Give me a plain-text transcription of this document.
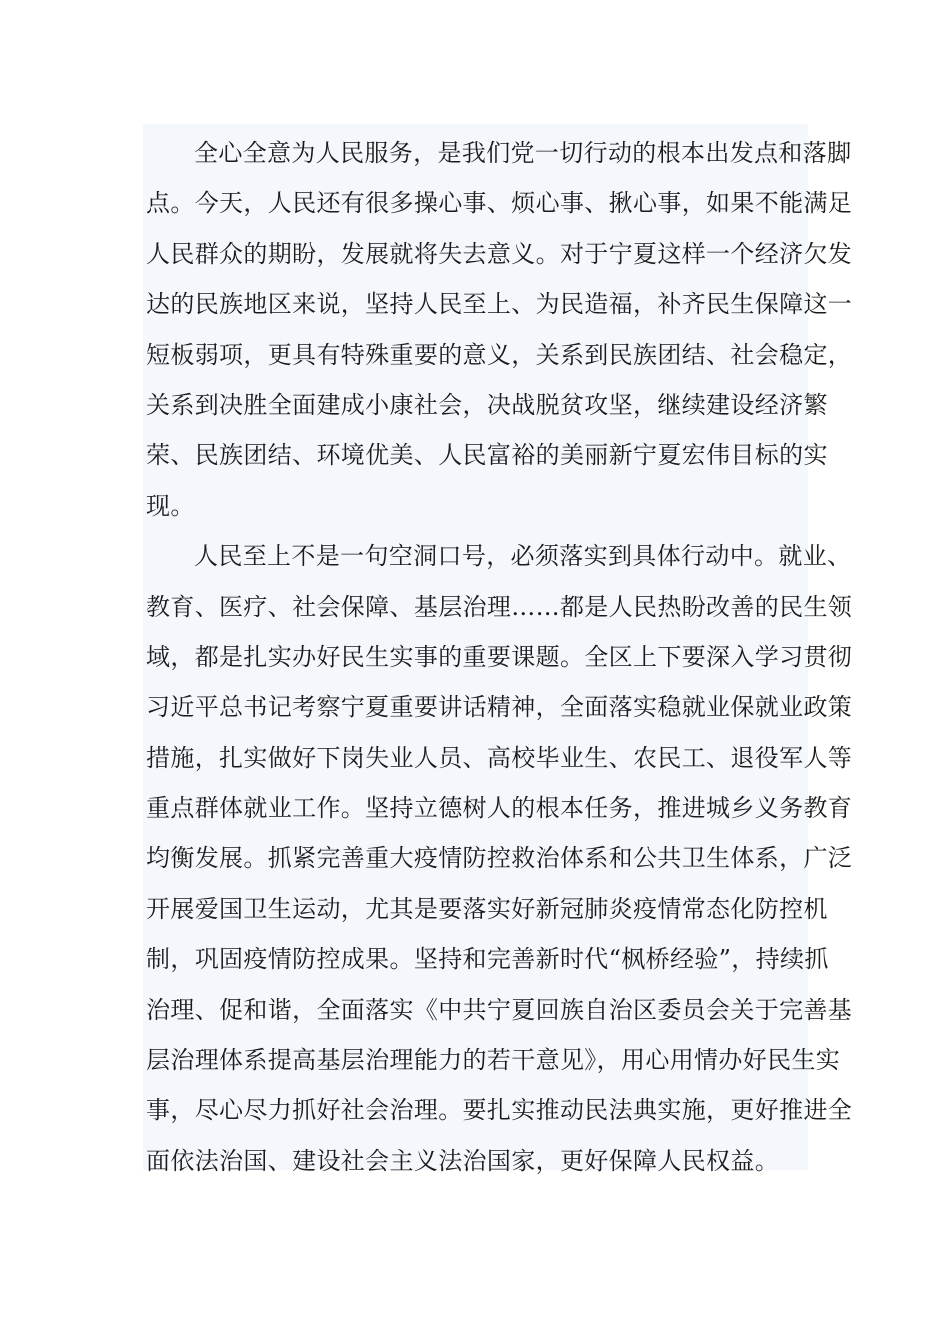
全心全意为人民服务，是我们党一切行动的根本出发点和落脚
点。今天，人民还有很多操心事、烦心事、揪心事，如果不能满足
人民群众的期盼，发展就将失去意义。对于宁夏这样一个经济欠发
达的民族地区来说，坚持人民至上、为民造福，补齐民生保障这一
短板弱项，更具有特殊重要的意义，关系到民族团结、社会稳定，
关系到决胜全面建成小康社会，决战脱贫攻坚，继续建设经济繁
荣、民族团结、环境优美、人民富裕的美丽新宁夏宏伟目标的实
现。
人民至上不是一句空洞口号，必须落实到具体行动中。就业、
教育、医疗、社会保障、基层治理……都是人民热盼改善的民生领
域，都是扎实办好民生实事的重要课题。全区上下要深入学习贯彻
习近平总书记考察宁夏重要讲话精神，全面落实稳就业保就业政策
措施，扎实做好下岗失业人员、高校毕业生、农民工、退役军人等
重点群体就业工作。坚持立德树人的根本任务，推进城乡义务教育
均衡发展。抓紧完善重大疫情防控救治体系和公共卫生体系，广泛
开展爱国卫生运动，尤其是要落实好新冠肺炎疫情常态化防控机
制，巩固疫情防控成果。坚持和完善新时代“枫桥经验”，持续抓
治理、促和谐，全面落实《中共宁夏回族自治区委员会关于完善基
层治理体系提高基层治理能力的若干意见》，用心用情办好民生实
事，尽心尽力抓好社会治理。要扎实推动民法典实施，更好推进全
面依法治国、建设社会主义法治国家，更好保障人民权益。
